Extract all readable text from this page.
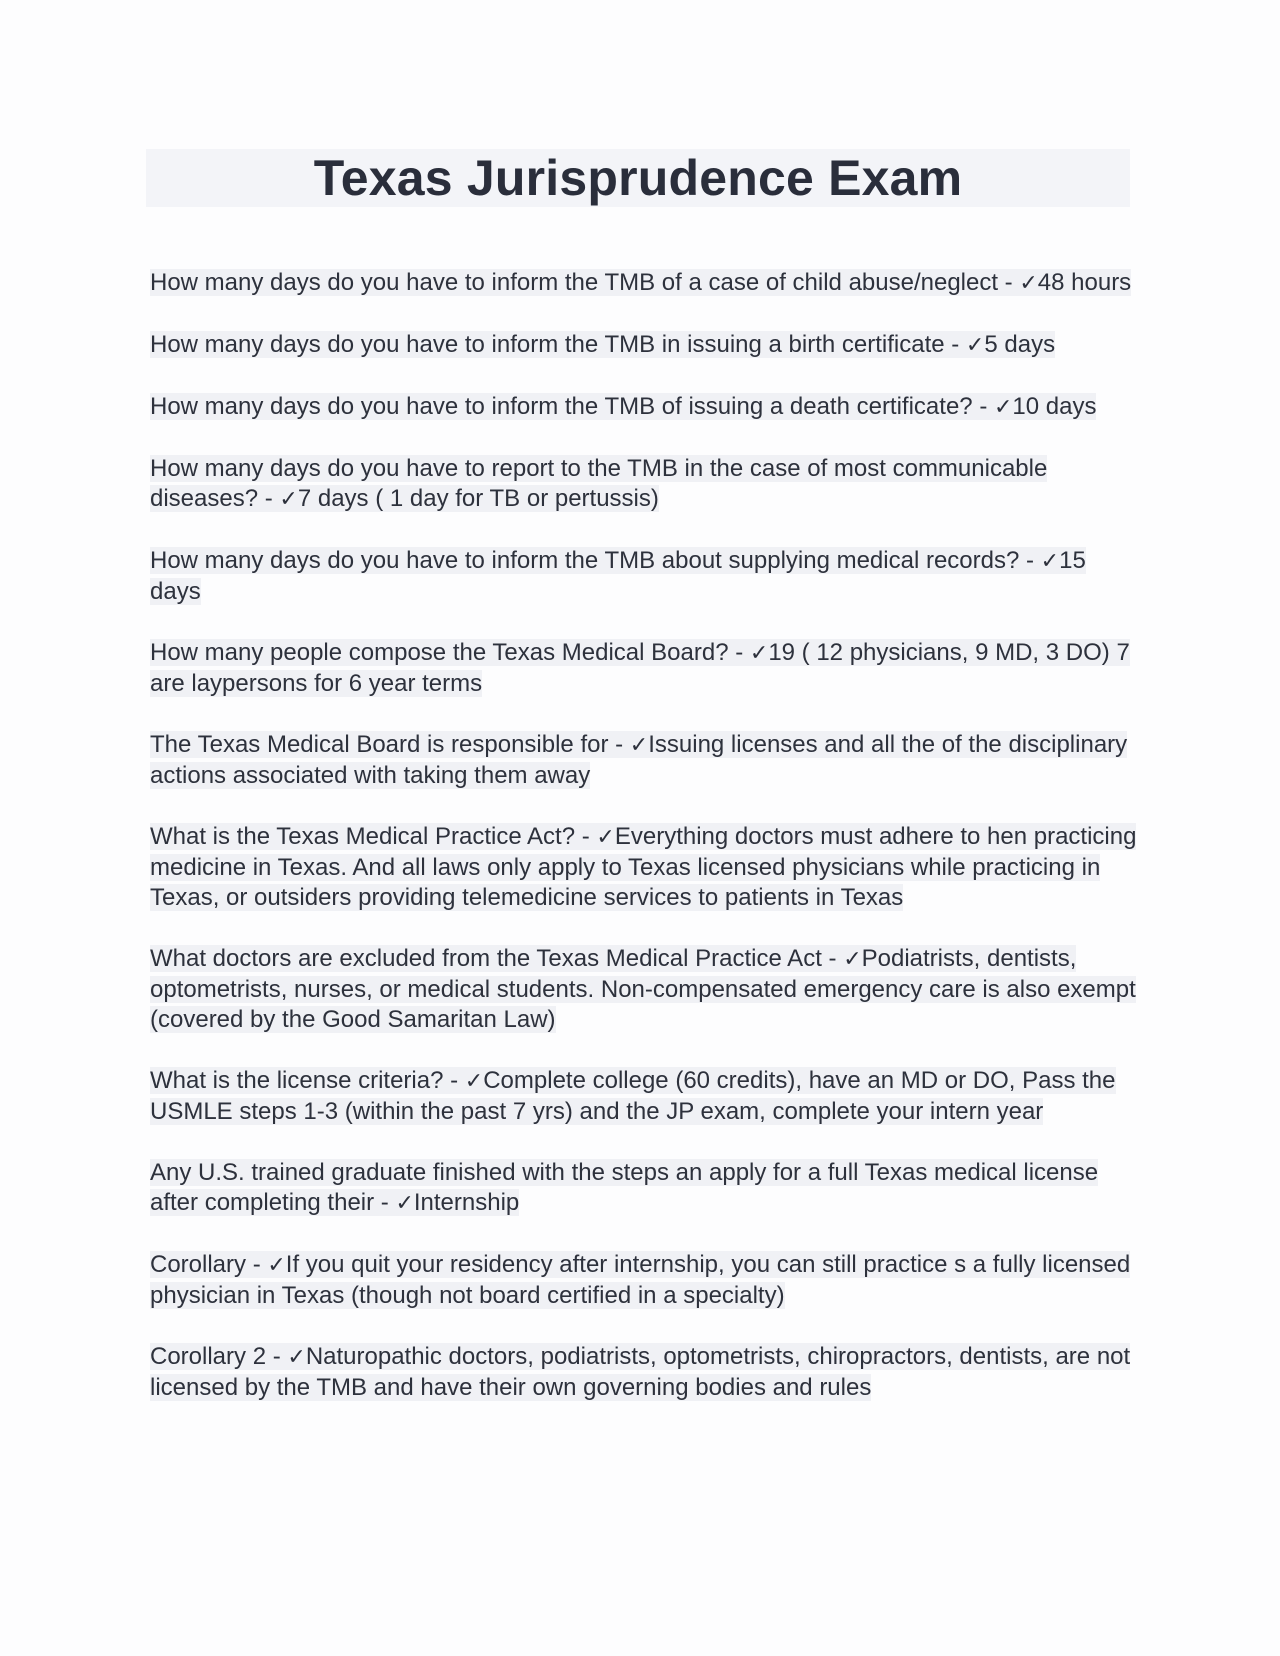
Texas Jurisprudence Exam

How many days do you have to inform the TMB of a case of child abuse/neglect - ✓48 hours

How many days do you have to inform the TMB in issuing a birth certificate - ✓5 days

How many days do you have to inform the TMB of issuing a death certificate? - ✓10 days

How many days do you have to report to the TMB in the case of most communicable diseases? - ✓7 days ( 1 day for TB or pertussis)

How many days do you have to inform the TMB about supplying medical records? - ✓15 days

How many people compose the Texas Medical Board? - ✓19 ( 12 physicians, 9 MD, 3 DO) 7 are laypersons for 6 year terms

The Texas Medical Board is responsible for - ✓Issuing licenses and all the of the disciplinary actions associated with taking them away

What is the Texas Medical Practice Act? - ✓Everything doctors must adhere to hen practicing medicine in Texas. And all laws only apply to Texas licensed physicians while practicing in Texas, or outsiders providing telemedicine services to patients in Texas

What doctors are excluded from the Texas Medical Practice Act - ✓Podiatrists, dentists, optometrists, nurses, or medical students. Non-compensated emergency care is also exempt (covered by the Good Samaritan Law)

What is the license criteria? - ✓Complete college (60 credits), have an MD or DO, Pass the USMLE steps 1-3 (within the past 7 yrs) and the JP exam, complete your intern year

Any U.S. trained graduate finished with the steps an apply for a full Texas medical license after completing their - ✓Internship

Corollary - ✓If you quit your residency after internship, you can still practice s a fully licensed physician in Texas (though not board certified in a specialty)

Corollary 2 - ✓Naturopathic doctors, podiatrists, optometrists, chiropractors, dentists, are not licensed by the TMB and have their own governing bodies and rules
